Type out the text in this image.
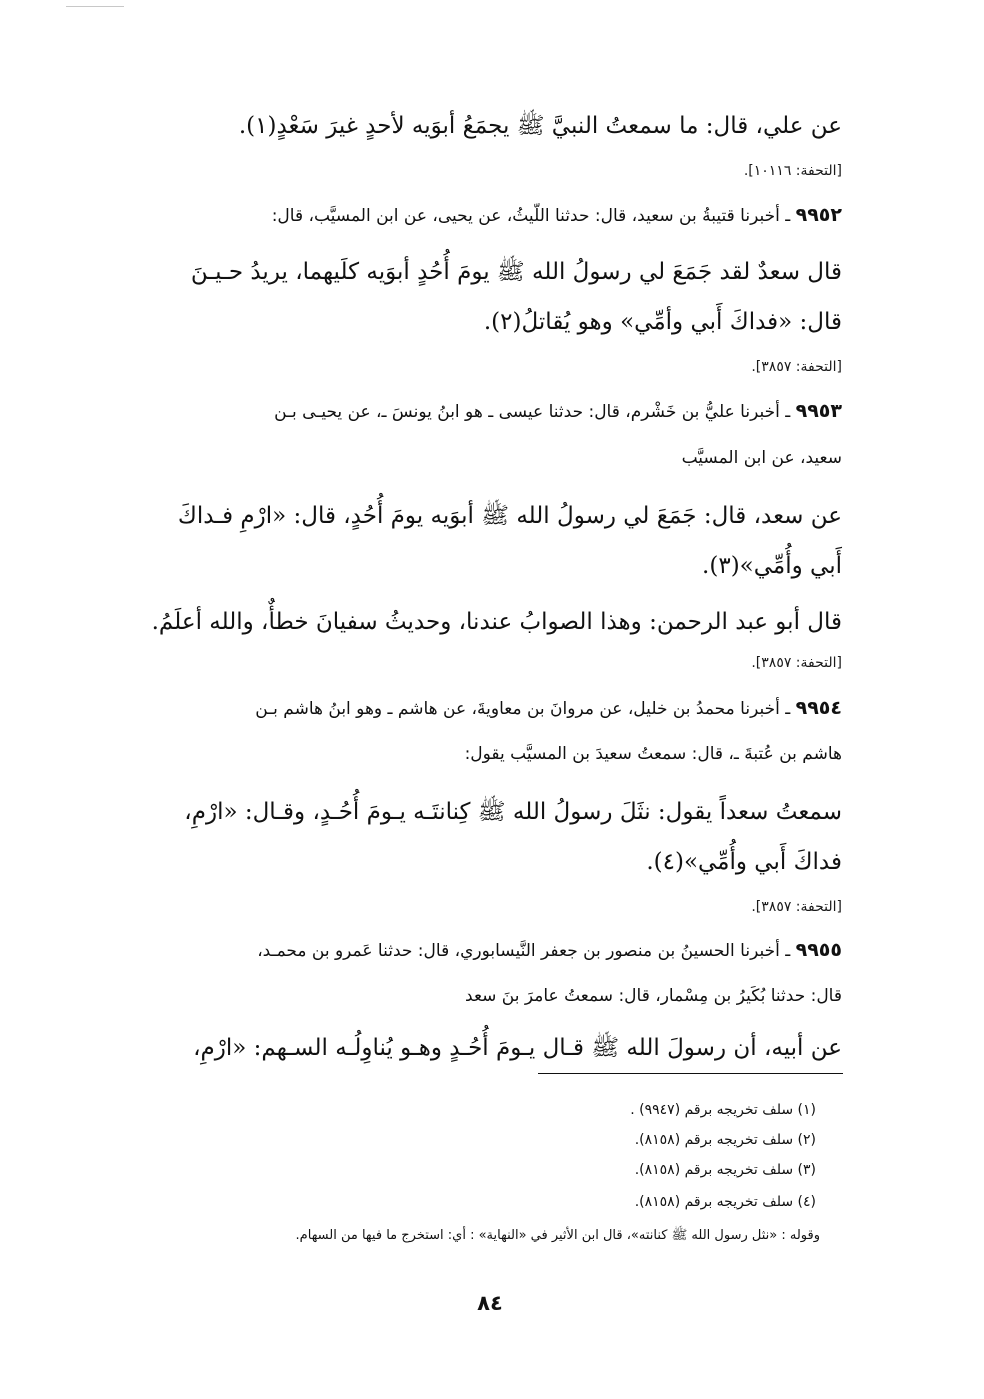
عن علي، قال: ما سمعتُ النبيَّ ﷺ يجمَعُ أبوَيه لأحدٍ غيرَ سَعْدٍ(١).

[التحفة: ١٠١١٦].

٩٩٥٢ ـ أخبرنا قتيبةُ بن سعيد، قال: حدثنا اللّيثُ، عن يحيى، عن ابن المسيَّب، قال:

قال سعدٌ لقد جَمَعَ لي رسولُ الله ﷺ يومَ أُحُدٍ أبوَيه كلَيهما، يريدُ حـيـنَ

قال: «فداكَ أَبي وأمِّي» وهو يُقاتلُ(٢).

[التحفة: ٣٨٥٧].

٩٩٥٣ ـ أخبرنا عليُّ بن خَشْرم، قال: حدثنا عيسى ـ هو ابنُ يونسَ ـ، عن يحيـى بـن

سعيد، عن ابن المسيَّب

عن سعد، قال: جَمَعَ لي رسولُ الله ﷺ أبوَيه يومَ أُحُدٍ، قال: «ارْمِ فـداكَ

أَبي وأُمِّي»(٣).

قال أبو عبد الرحمن: وهذا الصوابُ عندنا، وحديثُ سفيانَ خطأٌ، والله أعلَمُ.

[التحفة: ٣٨٥٧].

٩٩٥٤ ـ أخبرنا محمدُ بن خليل، عن مروانَ بن معاويةَ، عن هاشم ـ وهو ابنُ هاشم بـن

هاشم بن عُتبةَ ـ، قال: سمعتُ سعيدَ بن المسيَّب يقول:

سمعتُ سعداً يقول: نثَلَ رسولُ الله ﷺ كِنانتَـه يـومَ أُحُـدٍ، وقـال: «ارْمِ،

فداكَ أَبي وأُمِّي»(٤).

[التحفة: ٣٨٥٧].

٩٩٥٥ ـ أخبرنا الحسينُ بن منصور بن جعفر النَّيسابوري، قال: حدثنا عَمرو بن محمـد،

قال: حدثنا بُكَيرُ بن مِسْمار، قال: سمعتُ عامرَ بنَ سعد

عن أبيه، أن رسولَ الله ﷺ قـال يـومَ أُحُـدٍ وهـو يُناوِلُـه السـهم: «ارْمِ،

(١) سلف تخريجه برقم (٩٩٤٧) .
(٢) سلف تخريجه برقم (٨١٥٨).
(٣) سلف تخريجه برقم (٨١٥٨).
(٤) سلف تخريجه برقم (٨١٥٨).
وقوله : «نثل رسول الله ﷺ كنانته»، قال ابن الأثير في «النهاية» : أي: استخرج ما فيها من السهام.
٨٤
